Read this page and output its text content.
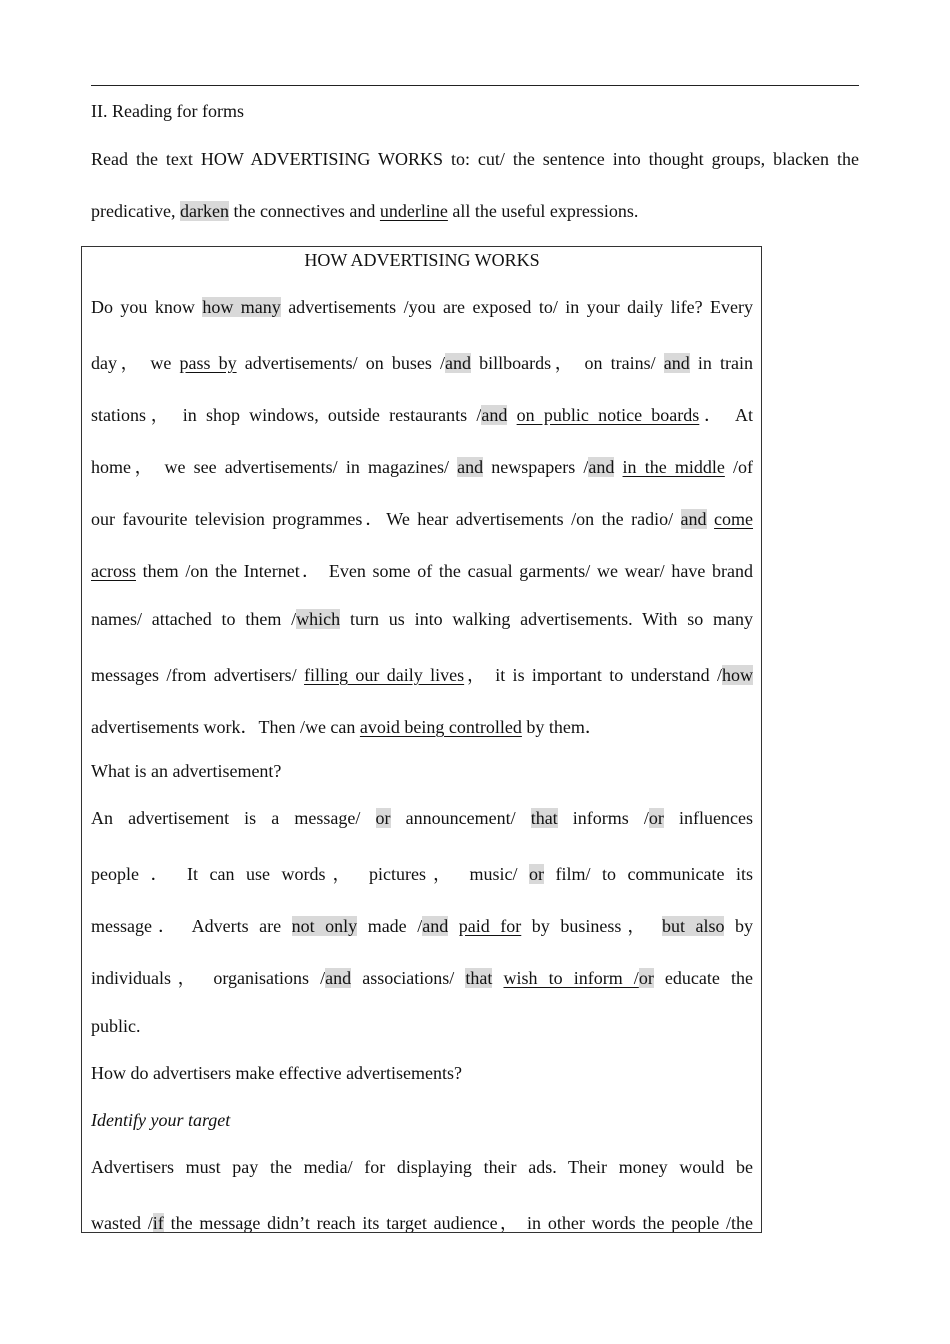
II. Reading for forms
Read the text HOW ADVERTISING WORKS to: cut/ the sentence into thought groups, blacken the
predicative, darken the connectives and underline all the useful expressions.
HOW ADVERTISING WORKS
Do you know how many advertisements /you are exposed to/ in your daily life? Every
day， we pass by advertisements/ on buses /and billboards， on trains/ and in train
stations， in shop windows, outside restaurants /and on public notice boards． At
home， we see advertisements/ in magazines/ and newspapers /and in the middle /of
our favourite television programmes．We hear advertisements /on the radio/ and come
across them /on the Internet． Even some of the casual garments/ we wear/ have brand
names/ attached to them /which turn us into walking advertisements. With so many
messages /from advertisers/ filling our daily lives， it is important to understand /how
advertisements work．Then /we can avoid being controlled by them．
What is an advertisement?
An advertisement is a message/ or announcement/ that informs /or influences
people ． It can use words， pictures， music/ or film/ to communicate its
message． Adverts are not only made /and paid for by business， but also by
individuals， organisations /and associations/ that wish to inform /or educate the
public.
How do advertisers make effective advertisements?
Identify your target
Advertisers must pay the media/ for displaying their ads. Their money would be
wasted /if the message didn’t reach its target audience， in other words the people /the
